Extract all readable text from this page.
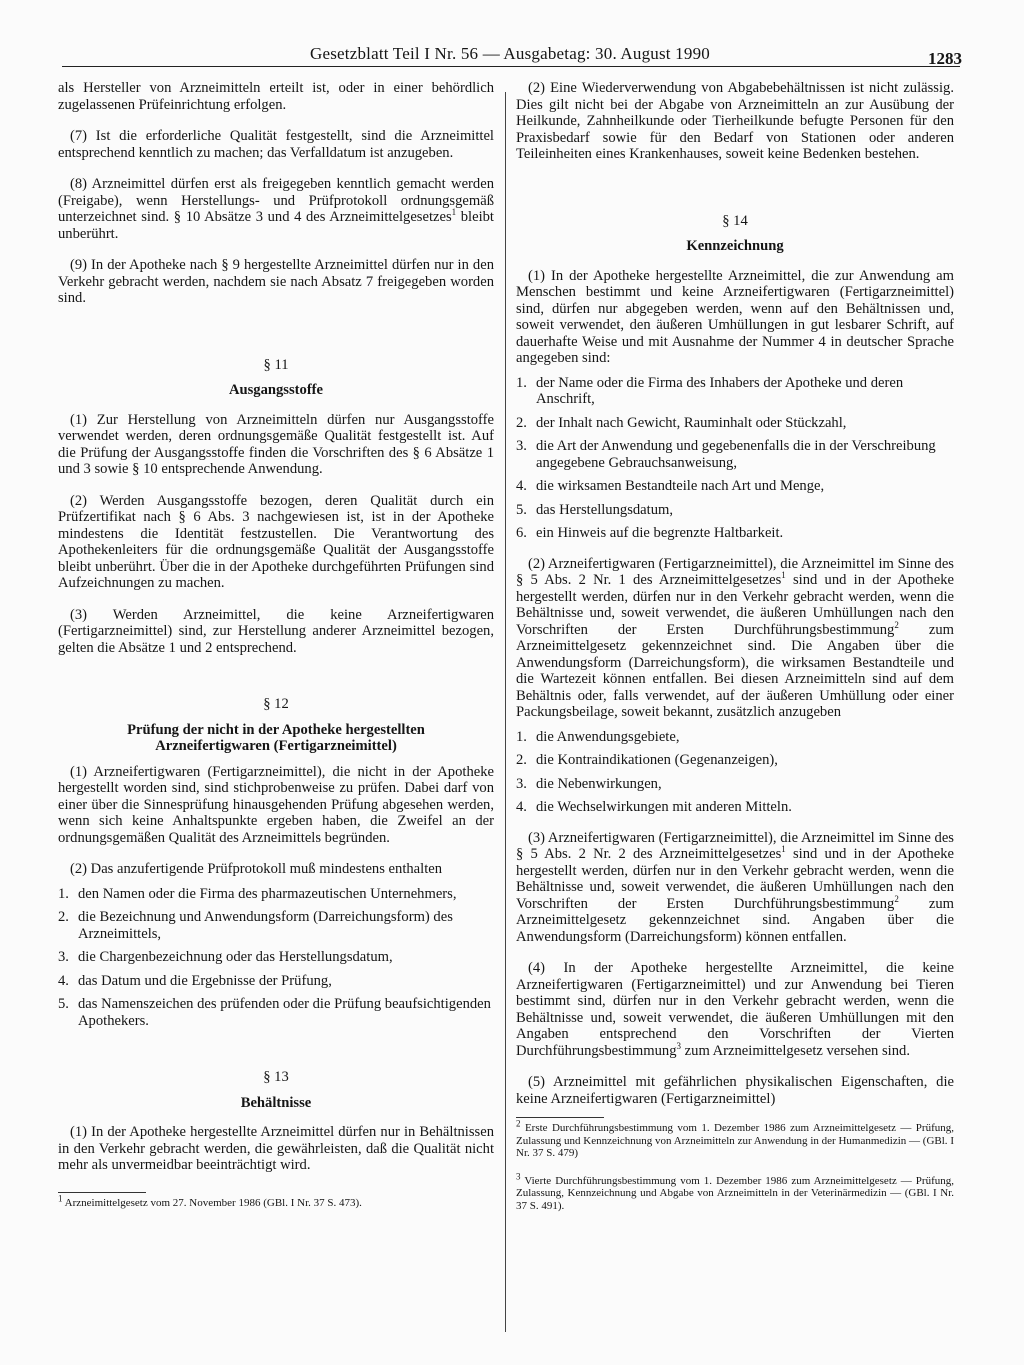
Gesetzblatt Teil I Nr. 56 — Ausgabetag: 30. August 1990	1283

als Hersteller von Arzneimitteln erteilt ist, oder in einer behördlich zugelassenen Prüfeinrichtung erfolgen.

(7) Ist die erforderliche Qualität festgestellt, sind die Arzneimittel entsprechend kenntlich zu machen; das Verfalldatum ist anzugeben.

(8) Arzneimittel dürfen erst als freigegeben kenntlich gemacht werden (Freigabe), wenn Herstellungs- und Prüfprotokoll ordnungsgemäß unterzeichnet sind. § 10 Absätze 3 und 4 des Arzneimittelgesetzes$^1$ bleibt unberührt.

(9) In der Apotheke nach § 9 hergestellte Arzneimittel dürfen nur in den Verkehr gebracht werden, nachdem sie nach Absatz 7 freigegeben worden sind.

§ 11
Ausgangsstoffe

(1) Zur Herstellung von Arzneimitteln dürfen nur Ausgangsstoffe verwendet werden, deren ordnungsgemäße Qualität festgestellt ist. Auf die Prüfung der Ausgangsstoffe finden die Vorschriften des § 6 Absätze 1 und 3 sowie § 10 entsprechende Anwendung.

(2) Werden Ausgangsstoffe bezogen, deren Qualität durch ein Prüfzertifikat nach § 6 Abs. 3 nachgewiesen ist, ist in der Apotheke mindestens die Identität festzustellen. Die Verantwortung des Apothekenleiters für die ordnungsgemäße Qualität der Ausgangsstoffe bleibt unberührt. Über die in der Apotheke durchgeführten Prüfungen sind Aufzeichnungen zu machen.

(3) Werden Arzneimittel, die keine Arzneifertigwaren (Fertigarzneimittel) sind, zur Herstellung anderer Arzneimittel bezogen, gelten die Absätze 1 und 2 entsprechend.

§ 12
Prüfung der nicht in der Apotheke hergestellten Arzneifertigwaren (Fertigarzneimittel)

(1) Arzneifertigwaren (Fertigarzneimittel), die nicht in der Apotheke hergestellt worden sind, sind stichprobenweise zu prüfen. Dabei darf von einer über die Sinnesprüfung hinausgehenden Prüfung abgesehen werden, wenn sich keine Anhaltspunkte ergeben haben, die Zweifel an der ordnungsgemäßen Qualität des Arzneimittels begründen.

(2) Das anzufertigende Prüfprotokoll muß mindestens enthalten

1. den Namen oder die Firma des pharmazeutischen Unternehmers,
2. die Bezeichnung und Anwendungsform (Darreichungsform) des Arzneimittels,
3. die Chargenbezeichnung oder das Herstellungsdatum,
4. das Datum und die Ergebnisse der Prüfung,
5. das Namenszeichen des prüfenden oder die Prüfung beaufsichtigenden Apothekers.
§ 13
Behältnisse

(1) In der Apotheke hergestellte Arzneimittel dürfen nur in Behältnissen in den Verkehr gebracht werden, die gewährleisten, daß die Qualität nicht mehr als unvermeidbar beeinträchtigt wird.

$^1$ Arzneimittelgesetz vom 27. November 1986 (GBl. I Nr. 37 S. 473).

(2) Eine Wiederverwendung von Abgabebehältnissen ist nicht zulässig. Dies gilt nicht bei der Abgabe von Arzneimitteln an zur Ausübung der Heilkunde, Zahnheilkunde oder Tierheilkunde befugte Personen für den Praxisbedarf sowie für den Bedarf von Stationen oder anderen Teileinheiten eines Krankenhauses, soweit keine Bedenken bestehen.

§ 14
Kennzeichnung

(1) In der Apotheke hergestellte Arzneimittel, die zur Anwendung am Menschen bestimmt und keine Arzneifertigwaren (Fertigarzneimittel) sind, dürfen nur abgegeben werden, wenn auf den Behältnissen und, soweit verwendet, den äußeren Umhüllungen in gut lesbarer Schrift, auf dauerhafte Weise und mit Ausnahme der Nummer 4 in deutscher Sprache angegeben sind:

1. der Name oder die Firma des Inhabers der Apotheke und deren Anschrift,
2. der Inhalt nach Gewicht, Rauminhalt oder Stückzahl,
3. die Art der Anwendung und gegebenenfalls die in der Verschreibung angegebene Gebrauchsanweisung,
4. die wirksamen Bestandteile nach Art und Menge,
5. das Herstellungsdatum,
6. ein Hinweis auf die begrenzte Haltbarkeit.

(2) Arzneifertigwaren (Fertigarzneimittel), die Arzneimittel im Sinne des § 5 Abs. 2 Nr. 1 des Arzneimittelgesetzes$^1$ sind und in der Apotheke hergestellt werden, dürfen nur in den Verkehr gebracht werden, wenn die Behältnisse und, soweit verwendet, die äußeren Umhüllungen nach den Vorschriften der Ersten Durchführungsbestimmung$^2$ zum Arzneimittelgesetz gekennzeichnet sind. Die Angaben über die Anwendungsform (Darreichungsform), die wirksamen Bestandteile und die Wartezeit können entfallen. Bei diesen Arzneimitteln sind auf dem Behältnis oder, falls verwendet, auf der äußeren Umhüllung oder einer Packungsbeilage, soweit bekannt, zusätzlich anzugeben

1. die Anwendungsgebiete,
2. die Kontraindikationen (Gegenanzeigen),
3. die Nebenwirkungen,
4. die Wechselwirkungen mit anderen Mitteln.

(3) Arzneifertigwaren (Fertigarzneimittel), die Arzneimittel im Sinne des § 5 Abs. 2 Nr. 2 des Arzneimittelgesetzes$^1$ sind und in der Apotheke hergestellt werden, dürfen nur in den Verkehr gebracht werden, wenn die Behältnisse und, soweit verwendet, die äußeren Umhüllungen nach den Vorschriften der Ersten Durchführungsbestimmung$^2$ zum Arzneimittelgesetz gekennzeichnet sind. Angaben über die Anwendungsform (Darreichungsform) können entfallen.

(4) In der Apotheke hergestellte Arzneimittel, die keine Arzneifertigwaren (Fertigarzneimittel) und zur Anwendung bei Tieren bestimmt sind, dürfen nur in den Verkehr gebracht werden, wenn die Behältnisse und, soweit verwendet, die äußeren Umhüllungen mit den Angaben entsprechend den Vorschriften der Vierten Durchführungsbestimmung$^3$ zum Arzneimittelgesetz versehen sind.

(5) Arzneimittel mit gefährlichen physikalischen Eigenschaften, die keine Arzneifertigwaren (Fertigarzneimittel)

$^2$ Erste Durchführungsbestimmung vom 1. Dezember 1986 zum Arzneimittelgesetz — Prüfung, Zulassung und Kennzeichnung von Arzneimitteln zur Anwendung in der Humanmedizin — (GBl. I Nr. 37 S. 479)

$^3$ Vierte Durchführungsbestimmung vom 1. Dezember 1986 zum Arzneimittelgesetz — Prüfung, Zulassung, Kennzeichnung und Abgabe von Arzneimitteln in der Veterinärmedizin — (GBl. I Nr. 37 S. 491).
